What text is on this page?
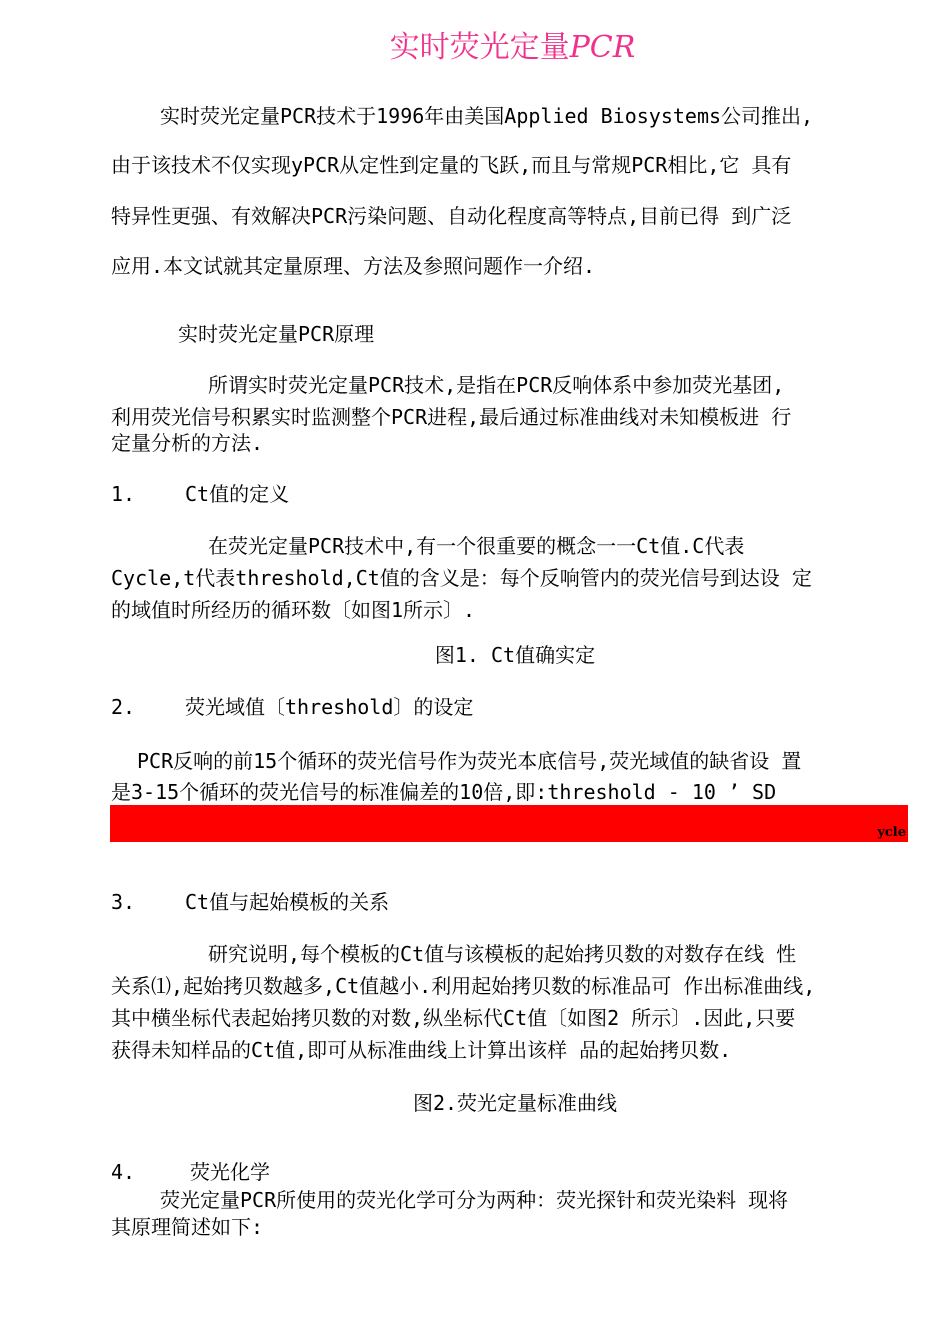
实时荧光定量PCR
实时荧光定量PCR技术于1996年由美国Applied Biosystems公司推出,
由于该技术不仅实现yPCR从定性到定量的飞跃,而且与常规PCR相比,它 具有
特异性更强、有效解决PCR污染问题、自动化程度高等特点,目前已得 到广泛
应用.本文试就其定量原理、方法及参照问题作一介绍.
实时荧光定量PCR原理
所谓实时荧光定量PCR技术,是指在PCR反响体系中参加荧光基团,
利用荧光信号积累实时监测整个PCR进程,最后通过标准曲线对未知模板进 行
定量分析的方法.
1. Ct值的定义
在荧光定量PCR技术中,有一个很重要的概念一一Ct值.C代表
Cycle,t代表threshold,Ct值的含义是：每个反响管内的荧光信号到达设 定
的域值时所经历的循环数〔如图1所示〕.
图1. Ct值确实定
2. 荧光域值〔threshold〕的设定
PCR反响的前15个循环的荧光信号作为荧光本底信号,荧光域值的缺省设 置
是3-15个循环的荧光信号的标准偏差的10倍,即:threshold - 10 ’ SD
ycle
3. Ct值与起始模板的关系
研究说明,每个模板的Ct值与该模板的起始拷贝数的对数存在线 性
关系⑴,起始拷贝数越多,Ct值越小.利用起始拷贝数的标准品可 作出标准曲线,
其中横坐标代表起始拷贝数的对数,纵坐标代Ct值〔如图2 所示〕.因此,只要
获得未知样品的Ct值,即可从标准曲线上计算出该样 品的起始拷贝数.
图2.荧光定量标准曲线
4.	荧光化学
荧光定量PCR所使用的荧光化学可分为两种：荧光探针和荧光染料 现将
其原理简述如下:
